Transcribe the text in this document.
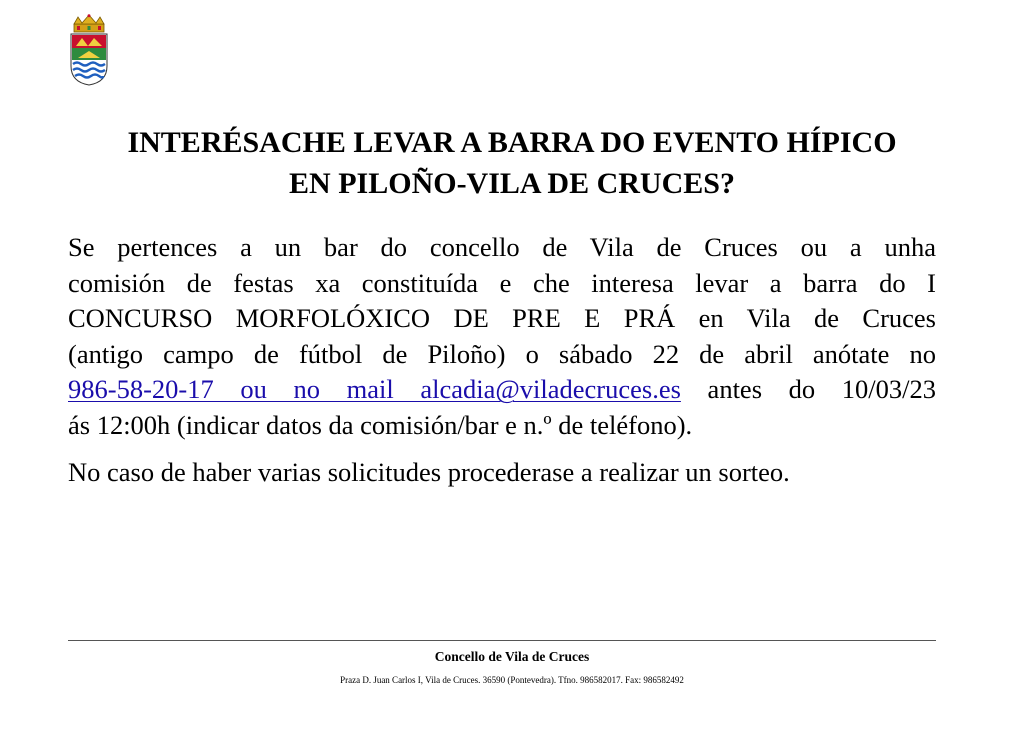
INTERÉSACHE LEVAR A BARRA DO EVENTO HÍPICO
EN PILOÑO-VILA DE CRUCES?
Se pertences a un bar do concello de Vila de Cruces ou a unha
comisión de festas xa constituída e che interesa levar a barra do I
CONCURSO MORFOLÓXICO DE PRE E PRÁ en Vila de Cruces
(antigo campo de fútbol de Piloño) o sábado 22 de abril anótate no
986-58-20-17 ou no mail alcadia@viladecruces.es antes do 10/03/23
ás 12:00h (indicar datos da comisión/bar e n.º de teléfono).

No caso de haber varias solicitudes procederase a realizar un sorteo.

Concello de Vila de Cruces

Praza D. Juan Carlos I, Vila de Cruces. 36590 (Pontevedra). Tfno. 986582017. Fax: 986582492
